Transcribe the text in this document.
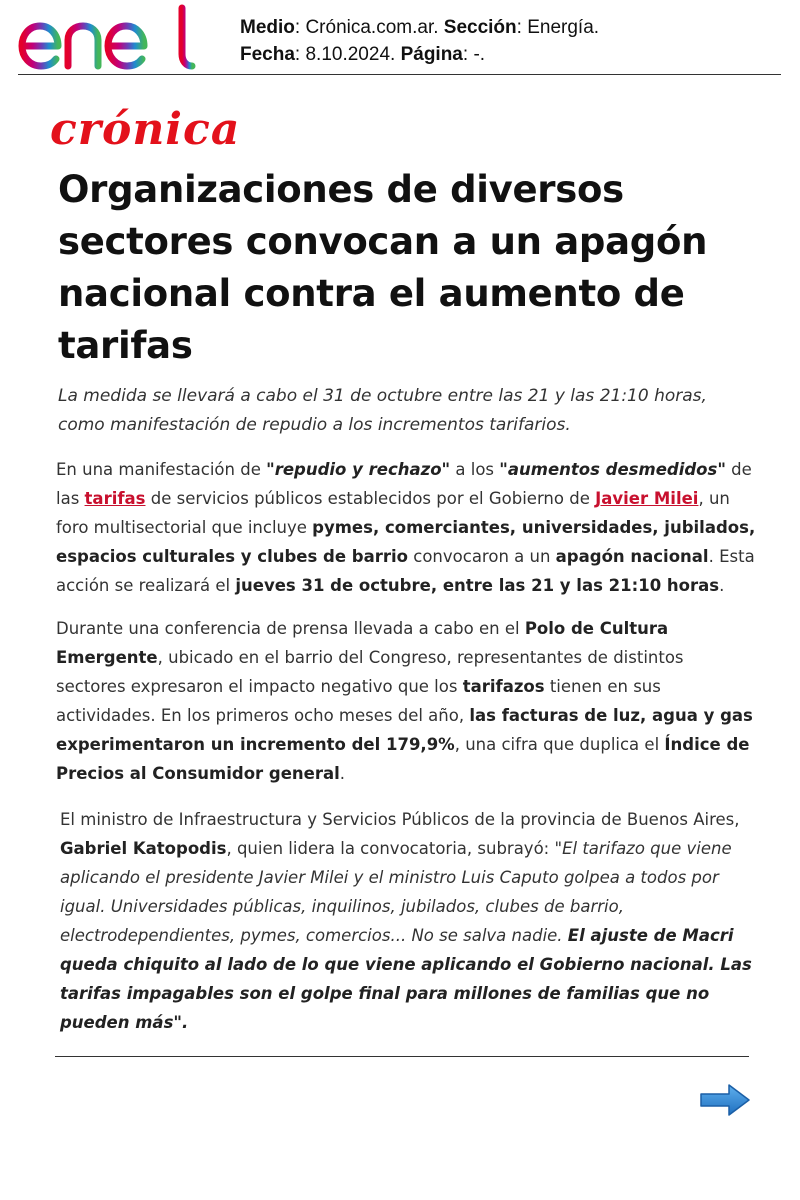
Medio: Crónica.com.ar. Sección: Energía.
Fecha: 8.10.2024. Página: -.
crónica
Organizaciones de diversos sectores convocan a un apagón nacional contra el aumento de tarifas

La medida se llevará a cabo el 31 de octubre entre las 21 y las 21:10 horas, como manifestación de repudio a los incrementos tarifarios.

En una manifestación de "repudio y rechazo" a los "aumentos desmedidos" de las tarifas de servicios públicos establecidos por el Gobierno de Javier Milei, un foro multisectorial que incluye pymes, comerciantes, universidades, jubilados, espacios culturales y clubes de barrio convocaron a un apagón nacional. Esta acción se realizará el jueves 31 de octubre, entre las 21 y las 21:10 horas.

Durante una conferencia de prensa llevada a cabo en el Polo de Cultura Emergente, ubicado en el barrio del Congreso, representantes de distintos sectores expresaron el impacto negativo que los tarifazos tienen en sus actividades. En los primeros ocho meses del año, las facturas de luz, agua y gas experimentaron un incremento del 179,9%, una cifra que duplica el Índice de Precios al Consumidor general.

El ministro de Infraestructura y Servicios Públicos de la provincia de Buenos Aires, Gabriel Katopodis, quien lidera la convocatoria, subrayó: "El tarifazo que viene aplicando el presidente Javier Milei y el ministro Luis Caputo golpea a todos por igual. Universidades públicas, inquilinos, jubilados, clubes de barrio, electrodependientes, pymes, comercios... No se salva nadie. El ajuste de Macri queda chiquito al lado de lo que viene aplicando el Gobierno nacional. Las tarifas impagables son el golpe final para millones de familias que no pueden más".
